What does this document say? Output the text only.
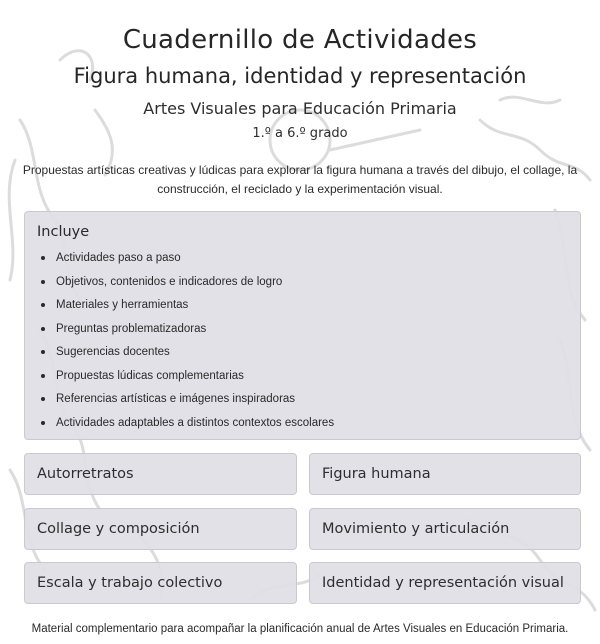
Cuadernillo de Actividades
Figura humana, identidad y representación
Artes Visuales para Educación Primaria
1.º a 6.º grado
Propuestas artísticas creativas y lúdicas para explorar la figura humana a través del dibujo, el collage, la construcción, el reciclado y la experimentación visual.
Incluye
Actividades paso a paso
Objetivos, contenidos e indicadores de logro
Materiales y herramientas
Preguntas problematizadoras
Sugerencias docentes
Propuestas lúdicas complementarias
Referencias artísticas e imágenes inspiradoras
Actividades adaptables a distintos contextos escolares
Autorretratos	Figura humana
Collage y composición	Movimiento y articulación
Escala y trabajo colectivo	Identidad y representación visual
Material complementario para acompañar la planificación anual de Artes Visuales en Educación Primaria.
